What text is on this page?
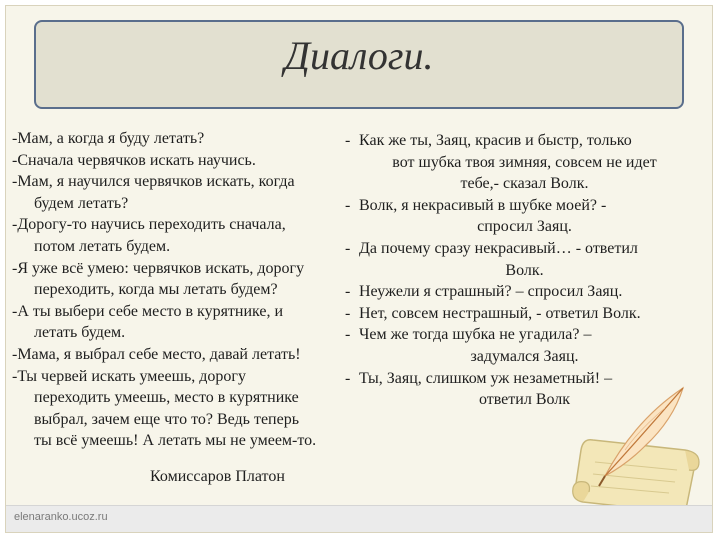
Диалоги.

-Мам, а когда я буду летать?

-Сначала червячков искать научись.

-Мам, я научился червячков искать, когда

будем летать?

-Дорогу-то научись переходить сначала,

потом летать будем.

-Я уже всё умею: червячков искать, дорогу

переходить, когда мы летать будем?

-А ты выбери себе место в курятнике, и

летать будем.

-Мама, я выбрал себе место, давай летать!

-Ты червей искать умеешь, дорогу

переходить умеешь, место в курятнике

выбрал, зачем еще что то? Ведь теперь

ты всё умеешь! А летать мы не умеем-то.

- Как же ты, Заяц, красив и быстр, только

вот шубка твоя зимняя, совсем не идет

тебе,- сказал Волк.

- Волк, я некрасивый в шубке моей? -

спросил Заяц.

- Да почему сразу некрасивый… - ответил

Волк.

- Неужели я страшный? – спросил Заяц.

- Нет, совсем нестрашный, - ответил Волк.

- Чем же тогда шубка не угадила? –

задумался Заяц.

- Ты, Заяц, слишком уж незаметный! –

ответил Волк

Комиссаров Платон
elenaranko.ucoz.ru
